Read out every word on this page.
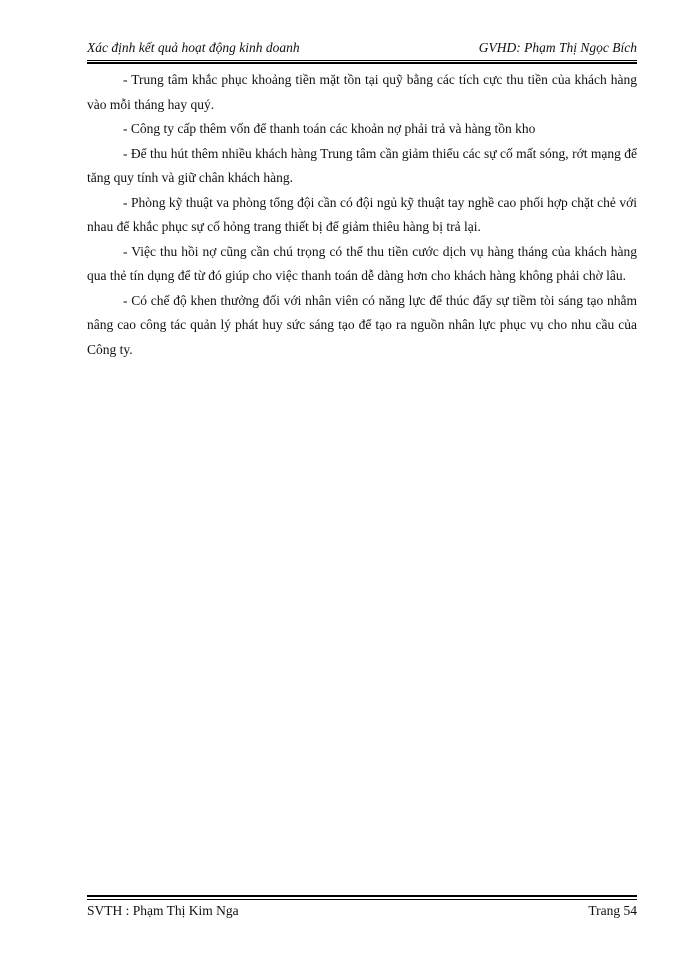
Xác định kết quả hoạt động kinh doanh	GVHD: Phạm Thị Ngọc Bích

- Trung tâm khắc phục khoảng tiền mặt tồn tại quỹ bằng các tích cực thu tiền của khách hàng vào mỗi tháng hay quý.

- Công ty cấp thêm vốn để thanh toán các khoản nợ phải trả và hàng tồn kho

- Để thu hút thêm nhiều khách hàng Trung tâm cần giảm thiểu các sự cố mất sóng, rớt mạng để tăng quy tính và giữ chân khách hàng.

- Phòng kỹ thuật va phòng tổng đội cần có đội ngủ kỹ thuật tay nghề cao phối hợp chặt chẻ với nhau để khắc phục sự cố hỏng trang thiết bị để giảm thiêu hàng bị trả lại.

- Việc thu hồi nợ cũng cần chú trọng có thể thu tiền cước dịch vụ hàng tháng của khách hàng qua thẻ tín dụng để từ đó giúp cho việc thanh toán dễ dàng hơn cho khách hàng không phải chờ lâu.

- Có chế độ khen thưởng đối với nhân viên có năng lực để thúc đẩy sự tiềm tòi sáng tạo nhằm nâng cao công tác quản lý phát huy sức sáng tạo để tạo ra nguồn nhân lực phục vụ cho nhu cầu của Công ty.

SVTH : Phạm Thị Kim Nga	Trang 54
